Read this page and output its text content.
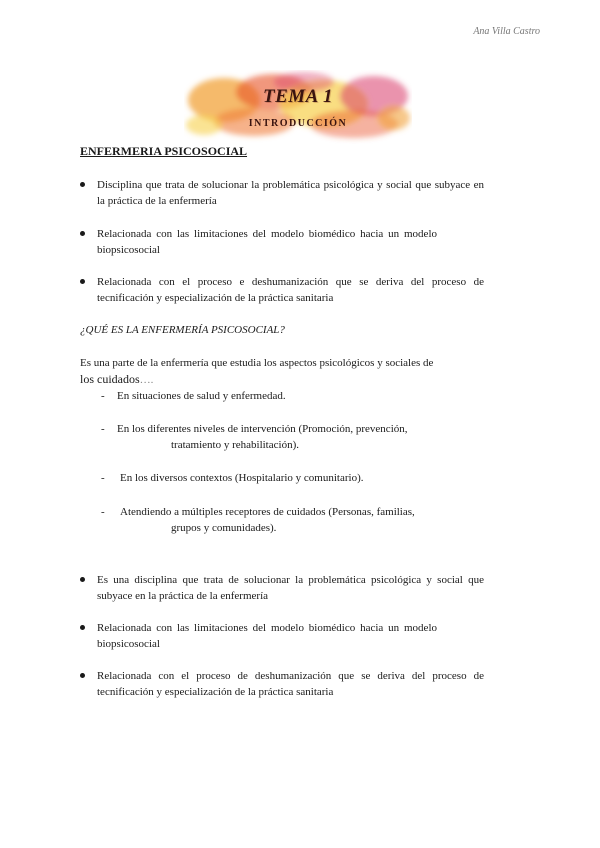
Ana Villa Castro
TEMA 1
INTRODUCCIÓN
ENFERMERIA PSICOSOCIAL
Disciplina que trata de solucionar la problemática psicológica y social que subyace en la práctica de la enfermería
Relacionada con las limitaciones del modelo biomédico hacia un modelo biopsicosocial
Relacionada con el proceso e deshumanización que se deriva del proceso de tecnificación y especialización de la práctica sanitaria
¿QUÉ ES LA ENFERMERÍA PSICOSOCIAL?
Es una parte de la enfermería que estudia los aspectos psicológicos y sociales de
los cuidados….
- En situaciones de salud y enfermedad.
- En los diferentes niveles de intervención (Promoción, prevención,
tratamiento y rehabilitación).
- En los diversos contextos (Hospitalario y comunitario).
- Atendiendo a múltiples receptores de cuidados (Personas, familias,
grupos y comunidades).
Es una disciplina que trata de solucionar la problemática psicológica y social que subyace en la práctica de la enfermería
Relacionada con las limitaciones del modelo biomédico hacia un modelo biopsicosocial
Relacionada con el proceso de deshumanización que se deriva del proceso de tecnificación y especialización de la práctica sanitaria
